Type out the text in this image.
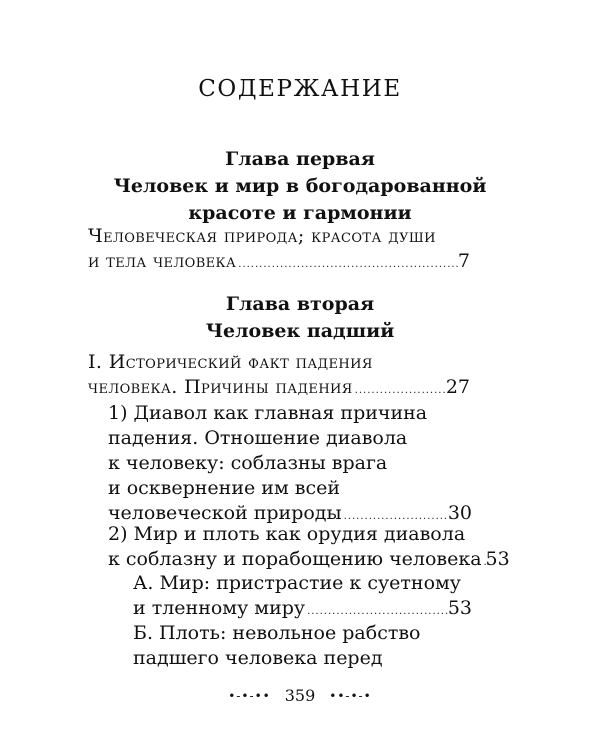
СОДЕРЖАНИЕ
Глава первая
Человек и мир в богодарованной
красоте и гармонии
Человеческая природа; красота души
и тела человека .....	7
Глава вторая
Человек падший
I. Исторический факт падения
человека. Причины падения .....	27
1) Диавол как главная причина
падения. Отношение диавола
к человеку: соблазны врага
и осквернение им всей
человеческой природы .....	30
2) Мир и плоть как орудия диавола
к соблазну и порабощению человека ..... 53
А. Мир: пристрастие к суетному
и тленному миру .....	53
Б. Плоть: невольное рабство
падшего человека перед
•-•-•• 359 ••-•-•
